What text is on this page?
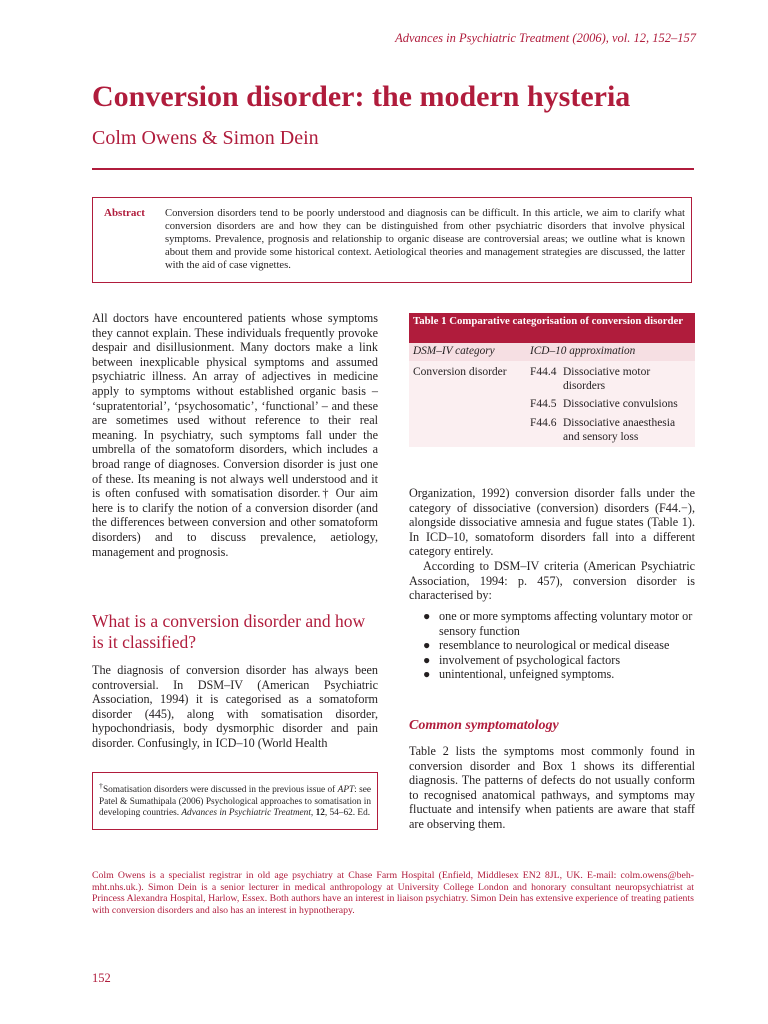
Advances in Psychiatric Treatment (2006), vol. 12, 152–157
Conversion disorder: the modern hysteria
Colm Owens & Simon Dein
Abstract Conversion disorders tend to be poorly understood and diagnosis can be difficult. In this article, we aim to clarify what conversion disorders are and how they can be distinguished from other psychiatric disorders that involve physical symptoms. Prevalence, prognosis and relationship to organic disease are controversial areas; we outline what is known about them and provide some historical context. Aetiological theories and management strategies are discussed, the latter with the aid of case vignettes.
All doctors have encountered patients whose symptoms they cannot explain. These individuals frequently provoke despair and disillusionment. Many doctors make a link between inexplicable physical symptoms and assumed psychiatric illness. An array of adjectives in medicine apply to symptoms without established organic basis – ‘supratentorial’, ‘psychosomatic’, ‘functional’ – and these are sometimes used without reference to their real meaning. In psychiatry, such symptoms fall under the umbrella of the somatoform disorders, which includes a broad range of diagnoses. Conversion disorder is just one of these. Its meaning is not always well understood and it is often confused with somatisation disorder.† Our aim here is to clarify the notion of a conversion disorder (and the differences between conversion and other somatoform disorders) and to discuss prevalence, aetiology, management and prognosis.
What is a conversion disorder and how is it classified?
The diagnosis of conversion disorder has always been controversial. In DSM–IV (American Psychiatric Association, 1994) it is categorised as a somatoform disorder (445), along with somatisation disorder, hypochondriasis, body dysmorphic disorder and pain disorder. Confusingly, in ICD–10 (World Health
†Somatisation disorders were discussed in the previous issue of APT: see Patel & Sumathipala (2006) Psychological approaches to somatisation in developing countries. Advances in Psychiatric Treatment, 12, 54–62. Ed.
Table 1 Comparative categorisation of conversion disorder
DSM–IV category	ICD–10 approximation
Conversion disorder F44.4 Dissociative motor disorders
F44.5 Dissociative convulsions
F44.6 Dissociative anaesthesia and sensory loss
Organization, 1992) conversion disorder falls under the category of dissociative (conversion) disorders (F44.−), alongside dissociative amnesia and fugue states (Table 1). In ICD–10, somatoform disorders fall into a different category entirely.
According to DSM–IV criteria (American Psychiatric Association, 1994: p. 457), conversion disorder is characterised by:
● one or more symptoms affecting voluntary motor or sensory function
● resemblance to neurological or medical disease
● involvement of psychological factors
● unintentional, unfeigned symptoms.
Common symptomatology
Table 2 lists the symptoms most commonly found in conversion disorder and Box 1 shows its differential diagnosis. The patterns of defects do not usually conform to recognised anatomical pathways, and symptoms may fluctuate and intensify when patients are aware that staff are observing them.
Colm Owens is a specialist registrar in old age psychiatry at Chase Farm Hospital (Enfield, Middlesex EN2 8JL, UK. E-mail: colm.owens@beh-mht.nhs.uk.). Simon Dein is a senior lecturer in medical anthropology at University College London and honorary consultant neuropsychiatrist at Princess Alexandra Hospital, Harlow, Essex. Both authors have an interest in liaison psychiatry. Simon Dein has extensive experience of treating patients with conversion disorders and also has an interest in hypnotherapy.
152
